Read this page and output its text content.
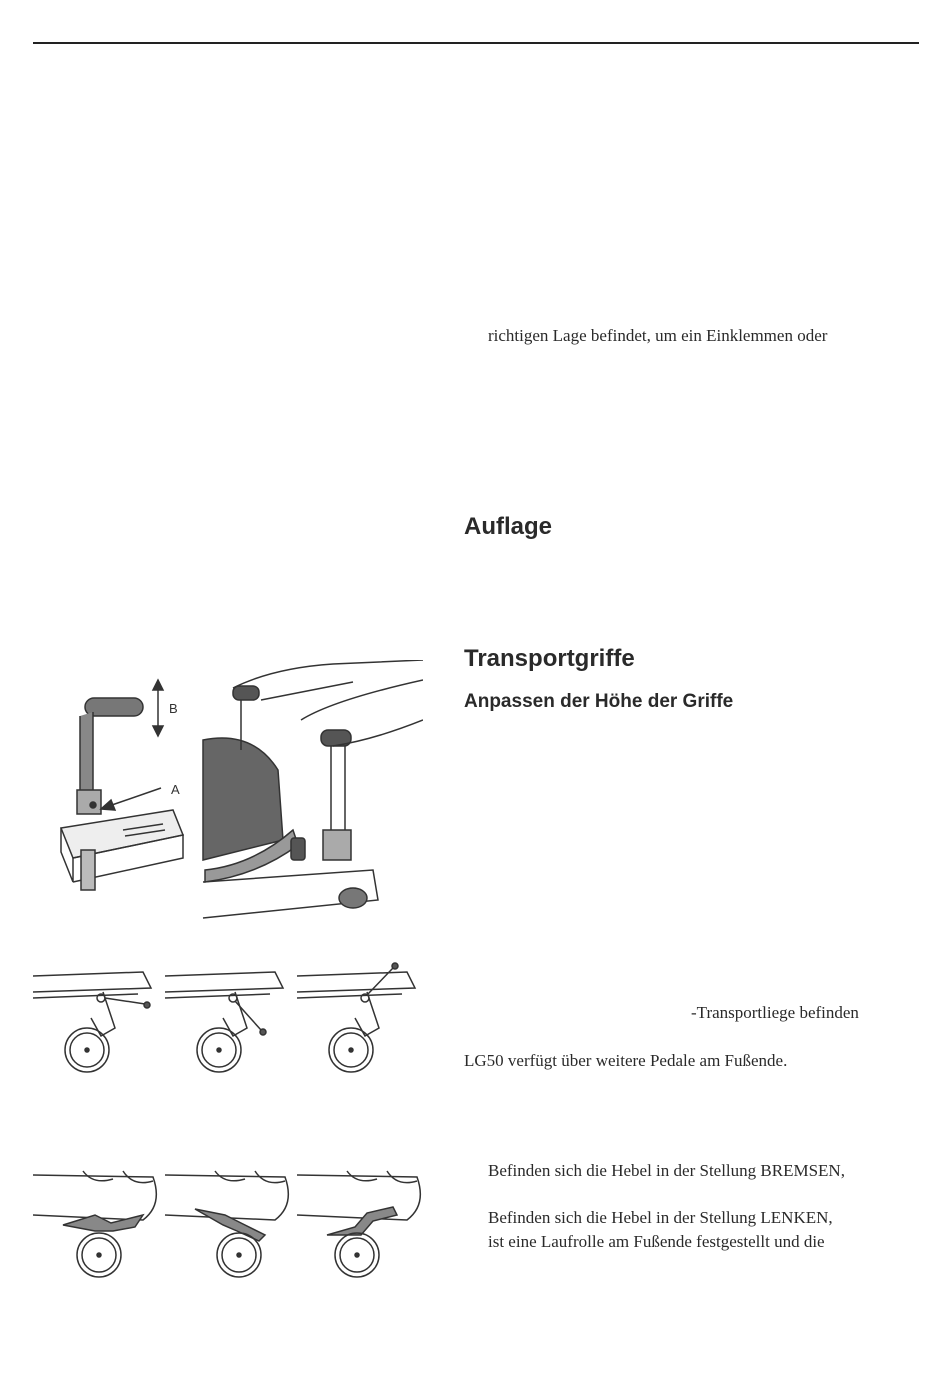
richtigen Lage befindet, um ein Einklemmen oder
Auflage
Transportgriffe
Anpassen der Höhe der Griffe
-Transportliege befinden
LG50 verfügt über weitere Pedale am Fußende.
Befinden sich die Hebel in der Stellung BREMSEN,
Befinden sich die Hebel in der Stellung LENKEN,
ist eine Laufrolle am Fußende festgestellt und die
B
A
